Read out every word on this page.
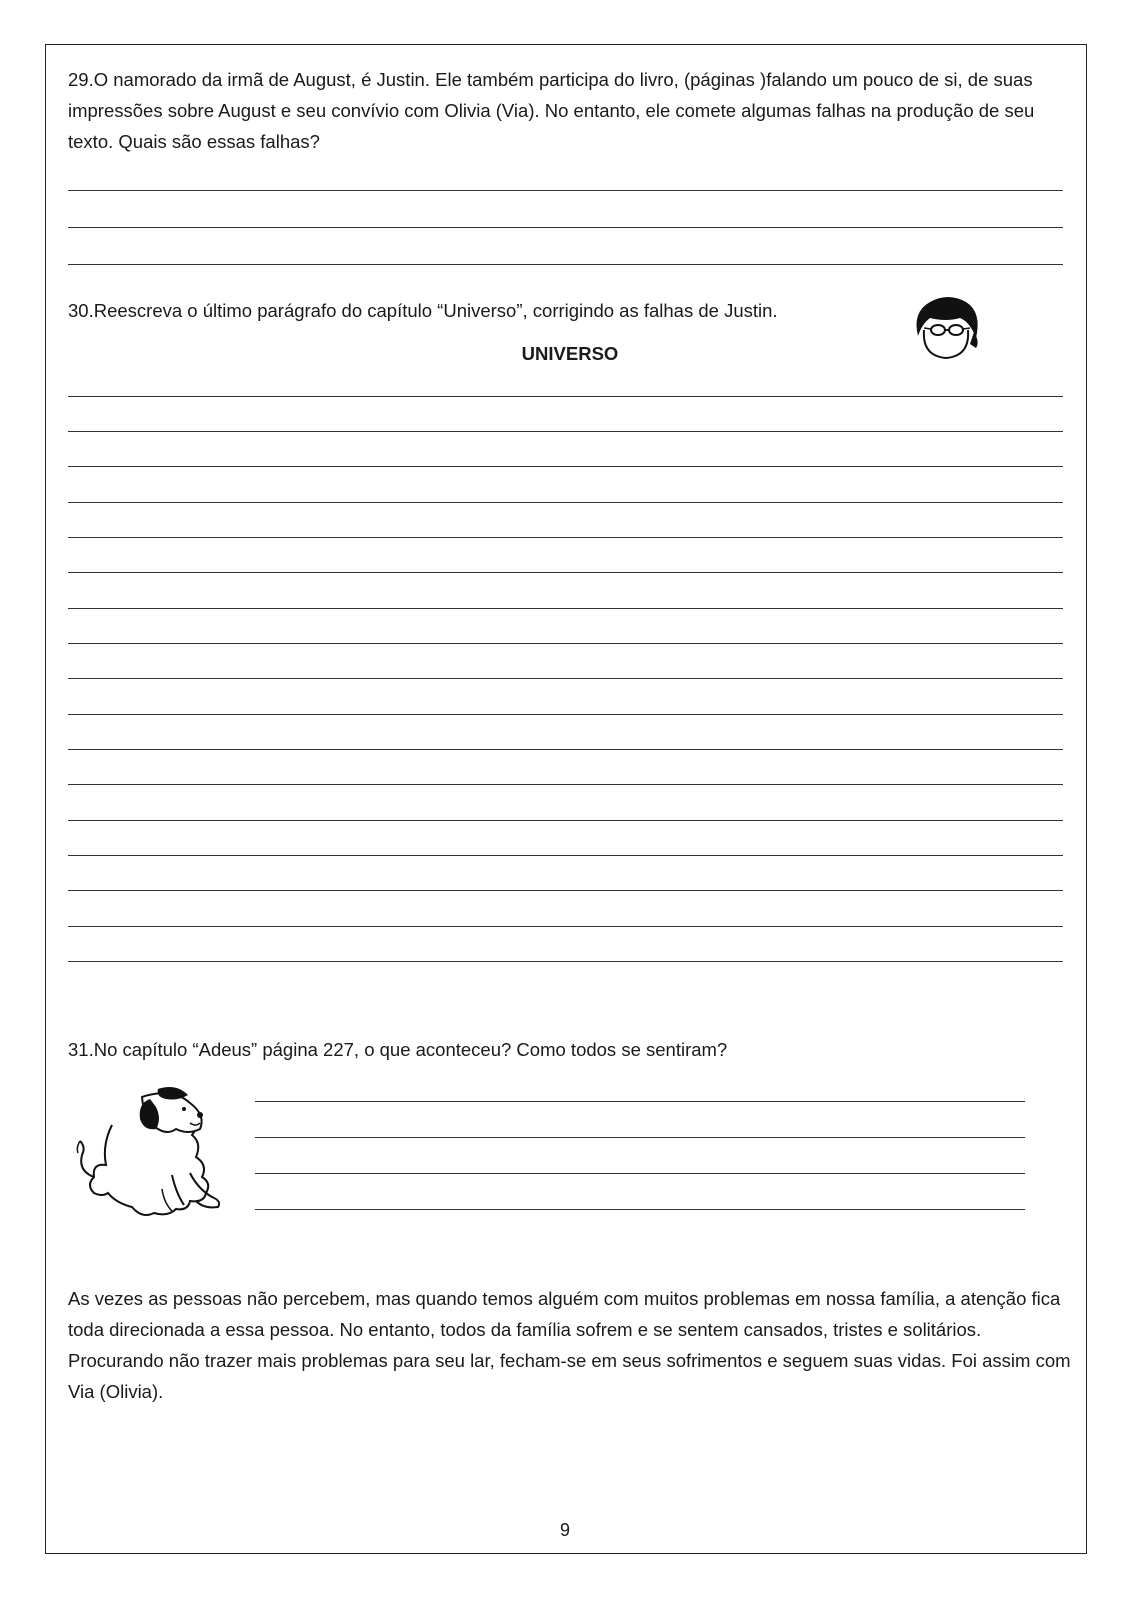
29.O namorado da irmã de August, é Justin. Ele também participa do livro, (páginas )falando um pouco de si, de suas impressões sobre August e seu convívio com Olivia (Via). No entanto, ele comete algumas falhas na produção de seu texto. Quais são essas falhas?

30.Reescreva o último parágrafo do capítulo “Universo”, corrigindo as falhas de Justin.

UNIVERSO

31.No capítulo “Adeus” página 227, o que aconteceu? Como todos se sentiram?

As vezes as pessoas não percebem, mas quando temos alguém com muitos problemas em nossa família, a atenção fica toda direcionada a essa pessoa. No entanto, todos da família sofrem e se sentem cansados, tristes e solitários. Procurando não trazer mais problemas para seu lar, fecham-se em seus sofrimentos e seguem suas vidas. Foi assim com Via (Olivia).

9
